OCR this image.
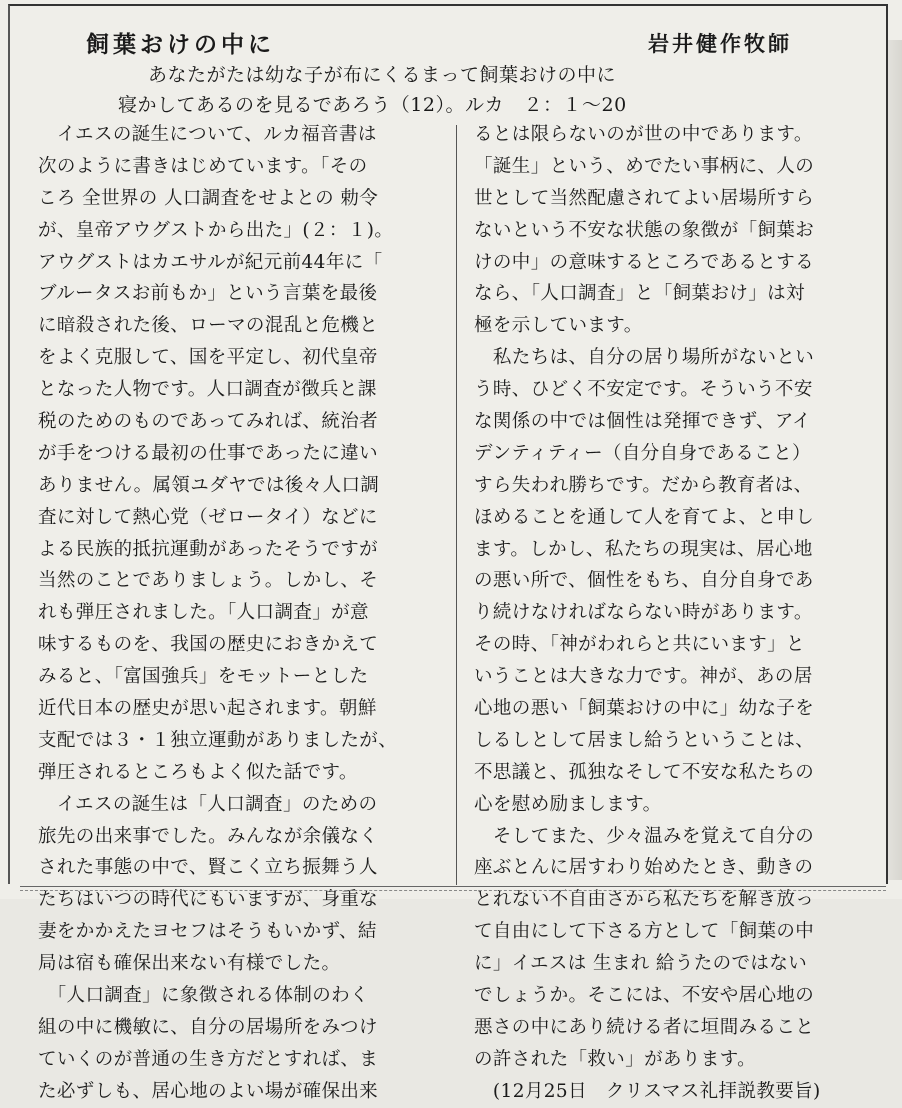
飼葉おけの中に	岩井健作牧師
あなたがたは幼な子が布にくるまって飼葉おけの中に
寝かしてあるのを見るであろう（12）。ルカ　２：１〜20
　イエスの誕生について、ルカ福音書は
次のように書きはじめています。「その
ころ 全世界の 人口調査をせよとの 勅令
が、皇帝アウグストから出た」(２：１)。
アウグストはカエサルが紀元前44年に「
ブルータスお前もか」という言葉を最後
に暗殺された後、ローマの混乱と危機と
をよく克服して、国を平定し、初代皇帝
となった人物です。人口調査が徴兵と課
税のためのものであってみれば、統治者
が手をつける最初の仕事であったに違い
ありません。属領ユダヤでは後々人口調
査に対して熱心党（ゼロータイ）などに
よる民族的抵抗運動があったそうですが
当然のことでありましょう。しかし、そ
れも弾圧されました。「人口調査」が意
味するものを、我国の歴史におきかえて
みると、「富国強兵」をモットーとした
近代日本の歴史が思い起されます。朝鮮
支配では３・１独立運動がありましたが、
弾圧されるところもよく似た話です。
　イエスの誕生は「人口調査」のための
旅先の出来事でした。みんなが余儀なく
された事態の中で、賢こく立ち振舞う人
たちはいつの時代にもいますが、身重な
妻をかかえたヨセフはそうもいかず、結
局は宿も確保出来ない有様でした。
　「人口調査」に象徴される体制のわく
組の中に機敏に、自分の居場所をみつけ
ていくのが普通の生き方だとすれば、ま
た必ずしも、居心地のよい場が確保出来
るとは限らないのが世の中であります。
「誕生」という、めでたい事柄に、人の
世として当然配慮されてよい居場所すら
ないという不安な状態の象徴が「飼葉お
けの中」の意味するところであるとする
なら、「人口調査」と「飼葉おけ」は対
極を示しています。
　私たちは、自分の居り場所がないとい
う時、ひどく不安定です。そういう不安
な関係の中では個性は発揮できず、アイ
デンティティー（自分自身であること）
すら失われ勝ちです。だから教育者は、
ほめることを通して人を育てよ、と申し
ます。しかし、私たちの現実は、居心地
の悪い所で、個性をもち、自分自身であ
り続けなければならない時があります。
その時、「神がわれらと共にいます」と
いうことは大きな力です。神が、あの居
心地の悪い「飼葉おけの中に」幼な子を
しるしとして居まし給うということは、
不思議と、孤独なそして不安な私たちの
心を慰め励まします。
　そしてまた、少々温みを覚えて自分の
座ぶとんに居すわり始めたとき、動きの
とれない不自由さから私たちを解き放っ
て自由にして下さる方として「飼葉の中
に」イエスは 生まれ 給うたのではない
でしょうか。そこには、不安や居心地の
悪さの中にあり続ける者に垣間みること
の許された「救い」があります。
　(12月25日　クリスマス礼拝説教要旨)
